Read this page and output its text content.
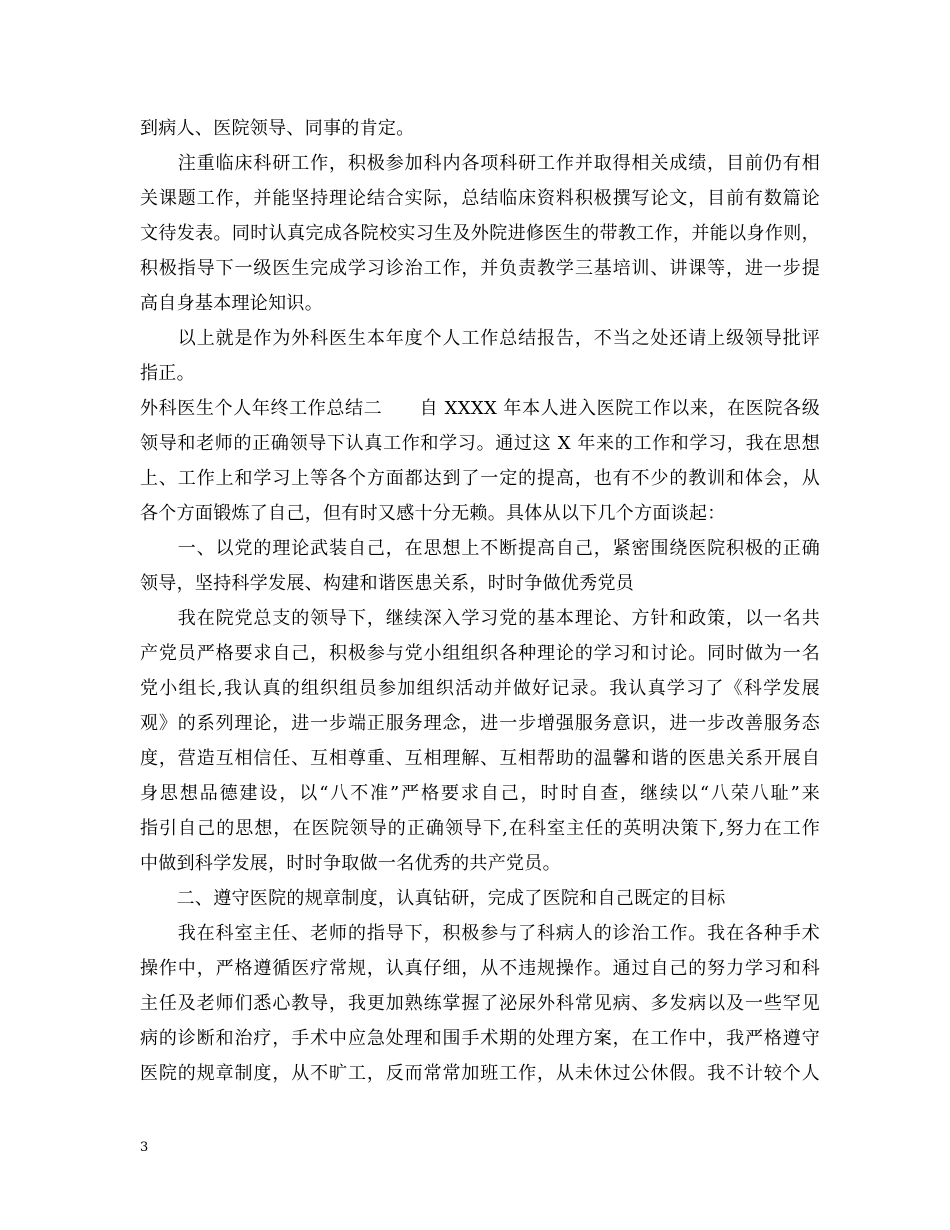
到病人、医院领导、同事的肯定。
　　注重临床科研工作，积极参加科内各项科研工作并取得相关成绩，目前仍有相
关课题工作，并能坚持理论结合实际，总结临床资料积极撰写论文，目前有数篇论
文待发表。同时认真完成各院校实习生及外院进修医生的带教工作，并能以身作则，
积极指导下一级医生完成学习诊治工作，并负责教学三基培训、讲课等，进一步提
高自身基本理论知识。
　　以上就是作为外科医生本年度个人工作总结报告，不当之处还请上级领导批评
指正。
外科医生个人年终工作总结二　　自 XXXX 年本人进入医院工作以来，在医院各级
领导和老师的正确领导下认真工作和学习。通过这 X 年来的工作和学习，我在思想
上、工作上和学习上等各个方面都达到了一定的提高，也有不少的教训和体会，从
各个方面锻炼了自己，但有时又感十分无赖。具体从以下几个方面谈起：
　　一、以党的理论武装自己，在思想上不断提高自己，紧密围绕医院积极的正确
领导，坚持科学发展、构建和谐医患关系，时时争做优秀党员
　　我在院党总支的领导下，继续深入学习党的基本理论、方针和政策，以一名共
产党员严格要求自己，积极参与党小组组织各种理论的学习和讨论。同时做为一名
党小组长,我认真的组织组员参加组织活动并做好记录。我认真学习了《科学发展
观》的系列理论，进一步端正服务理念，进一步增强服务意识，进一步改善服务态
度，营造互相信任、互相尊重、互相理解、互相帮助的温馨和谐的医患关系开展自
身思想品德建设，以“八不准”严格要求自己，时时自查，继续以“八荣八耻”来
指引自己的思想，在医院领导的正确领导下,在科室主任的英明决策下,努力在工作
中做到科学发展，时时争取做一名优秀的共产党员。
　　二、遵守医院的规章制度，认真钻研，完成了医院和自己既定的目标
　　我在科室主任、老师的指导下，积极参与了科病人的诊治工作。我在各种手术
操作中，严格遵循医疗常规，认真仔细，从不违规操作。通过自己的努力学习和科
主任及老师们悉心教导，我更加熟练掌握了泌尿外科常见病、多发病以及一些罕见
病的诊断和治疗，手术中应急处理和围手术期的处理方案，在工作中，我严格遵守
医院的规章制度，从不旷工，反而常常加班工作，从未休过公休假。我不计较个人
3
